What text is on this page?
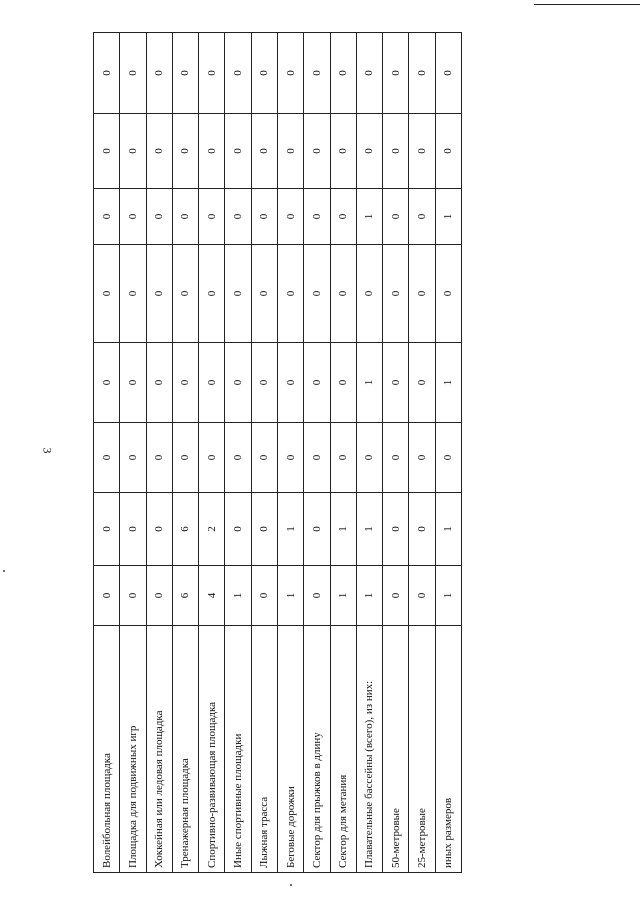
3
Волейбольная площадка	0	0	0	0	0	0	0	0
Площадка для подвижных игр	0	0	0	0	0	0	0	0
Хоккейная или ледовая площадка	0	0	0	0	0	0	0	0
Тренажерная площадка	6	6	0	0	0	0	0	0
Спортивно-развивающая площадка	4	2	0	0	0	0	0	0
Иные спортивные площадки	1	0	0	0	0	0	0	0
Лыжная трасса	0	0	0	0	0	0	0	0
Беговые дорожки	1	1	0	0	0	0	0	0
Сектор для прыжков в длину	0	0	0	0	0	0	0	0
Сектор для метания	1	1	0	0	0	0	0	0
Плавательные бассейны (всего), из них:	1	1	0	1	0	1	0	0
50-метровые	0	0	0	0	0	0	0	0
25-метровые	0	0	0	0	0	0	0	0
иных размеров	1	1	0	1	0	1	0	0
